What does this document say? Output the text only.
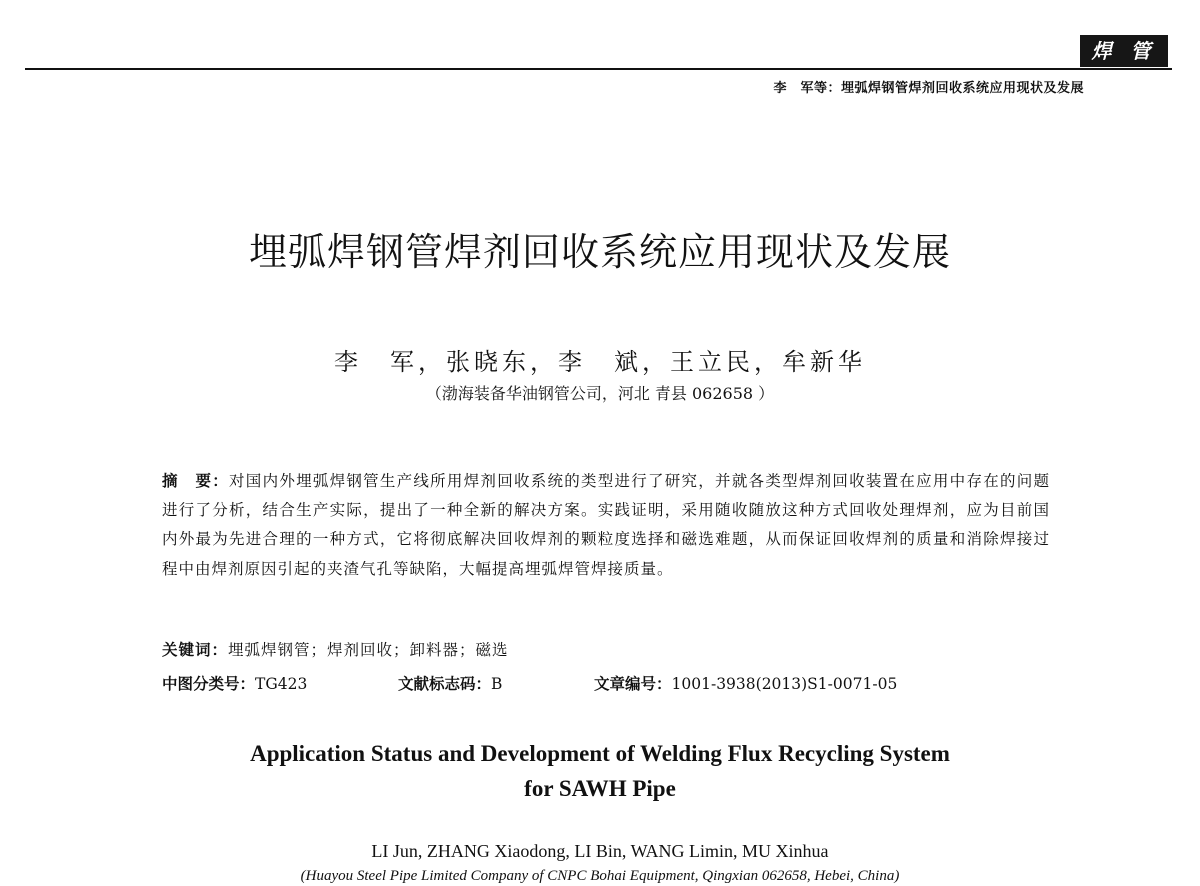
焊 管
李　军等：埋弧焊钢管焊剂回收系统应用现状及发展
埋弧焊钢管焊剂回收系统应用现状及发展
李　军，张晓东，李　斌，王立民，牟新华
（渤海装备华油钢管公司，河北 青县 062658 ）
摘　要：对国内外埋弧焊钢管生产线所用焊剂回收系统的类型进行了研究，并就各类型焊剂回收装置在应用中存在的问题进行了分析，结合生产实际，提出了一种全新的解决方案。实践证明，采用随收随放这种方式回收处理焊剂，应为目前国内外最为先进合理的一种方式，它将彻底解决回收焊剂的颗粒度选择和磁选难题，从而保证回收焊剂的质量和消除焊接过程中由焊剂原因引起的夹渣气孔等缺陷，大幅提高埋弧焊管焊接质量。
关键词：埋弧焊钢管；焊剂回收；卸料器；磁选
中图分类号：TG423	文献标志码：B	文章编号：1001-3938(2013)S1-0071-05
Application Status and Development of Welding Flux Recycling System
for SAWH Pipe
LI Jun, ZHANG Xiaodong, LI Bin, WANG Limin, MU Xinhua
(Huayou Steel Pipe Limited Company of CNPC Bohai Equipment, Qingxian 062658, Hebei, China)
